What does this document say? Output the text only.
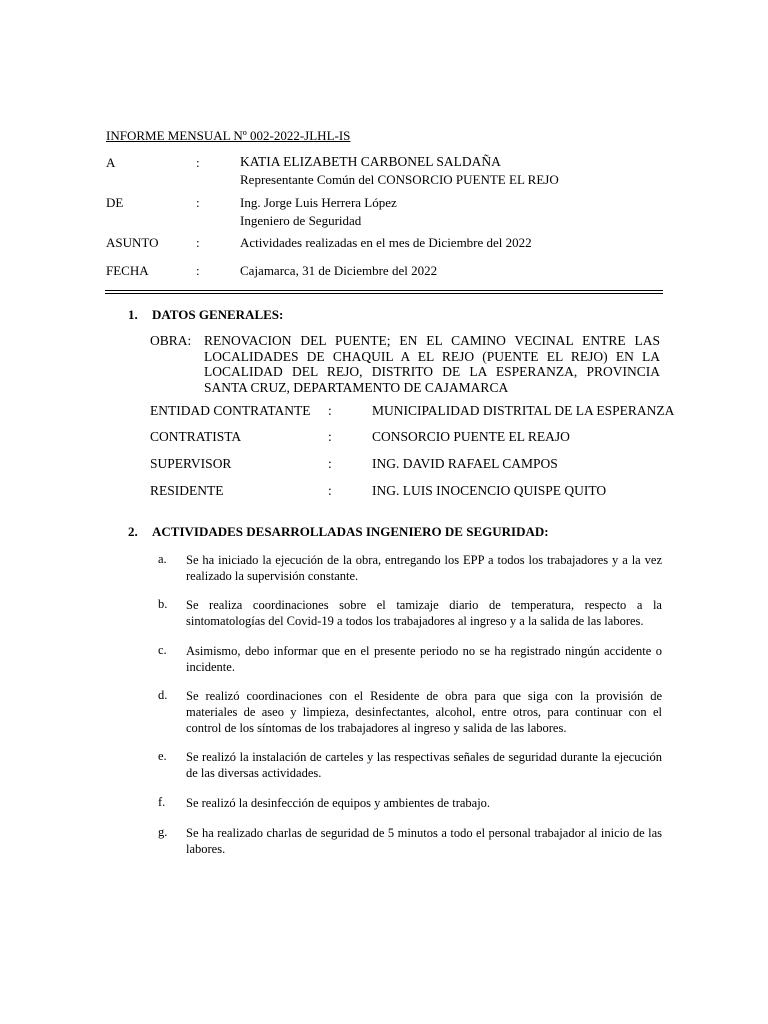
INFORME MENSUAL Nº 002-2022-JLHL-IS
A	:	KATIA ELIZABETH CARBONEL SALDAÑA
Representante Común del CONSORCIO PUENTE EL REJO
DE	:	Ing. Jorge Luis Herrera López
Ingeniero de Seguridad
ASUNTO	:	Actividades realizadas en el mes de Diciembre del 2022
FECHA	:	Cajamarca, 31 de Diciembre del 2022
1. DATOS GENERALES:
OBRA: RENOVACION DEL PUENTE; EN EL CAMINO VECINAL ENTRE LAS LOCALIDADES DE CHAQUIL A EL REJO (PUENTE EL REJO) EN LA LOCALIDAD DEL REJO, DISTRITO DE LA ESPERANZA, PROVINCIA SANTA CRUZ, DEPARTAMENTO DE CAJAMARCA
ENTIDAD CONTRATANTE :	MUNICIPALIDAD DISTRITAL DE LA ESPERANZA
CONTRATISTA	:	CONSORCIO PUENTE EL REAJO
SUPERVISOR	:	ING. DAVID RAFAEL CAMPOS
RESIDENTE	:	ING. LUIS INOCENCIO QUISPE QUITO
2. ACTIVIDADES DESARROLLADAS INGENIERO DE SEGURIDAD:
a. Se ha iniciado la ejecución de la obra, entregando los EPP a todos los trabajadores y a la vez realizado la supervisión constante.
b. Se realiza coordinaciones sobre el tamizaje diario de temperatura, respecto a la sintomatologías del Covid-19 a todos los trabajadores al ingreso y a la salida de las labores.
c. Asimismo, debo informar que en el presente periodo no se ha registrado ningún accidente o incidente.
d. Se realizó coordinaciones con el Residente de obra para que siga con la provisión de materiales de aseo y limpieza, desinfectantes, alcohol, entre otros, para continuar con el control de los síntomas de los trabajadores al ingreso y salida de las labores.
e. Se realizó la instalación de carteles y las respectivas señales de seguridad durante la ejecución de las diversas actividades.
f. Se realizó la desinfección de equipos y ambientes de trabajo.
g. Se ha realizado charlas de seguridad de 5 minutos a todo el personal trabajador al inicio de las labores.
